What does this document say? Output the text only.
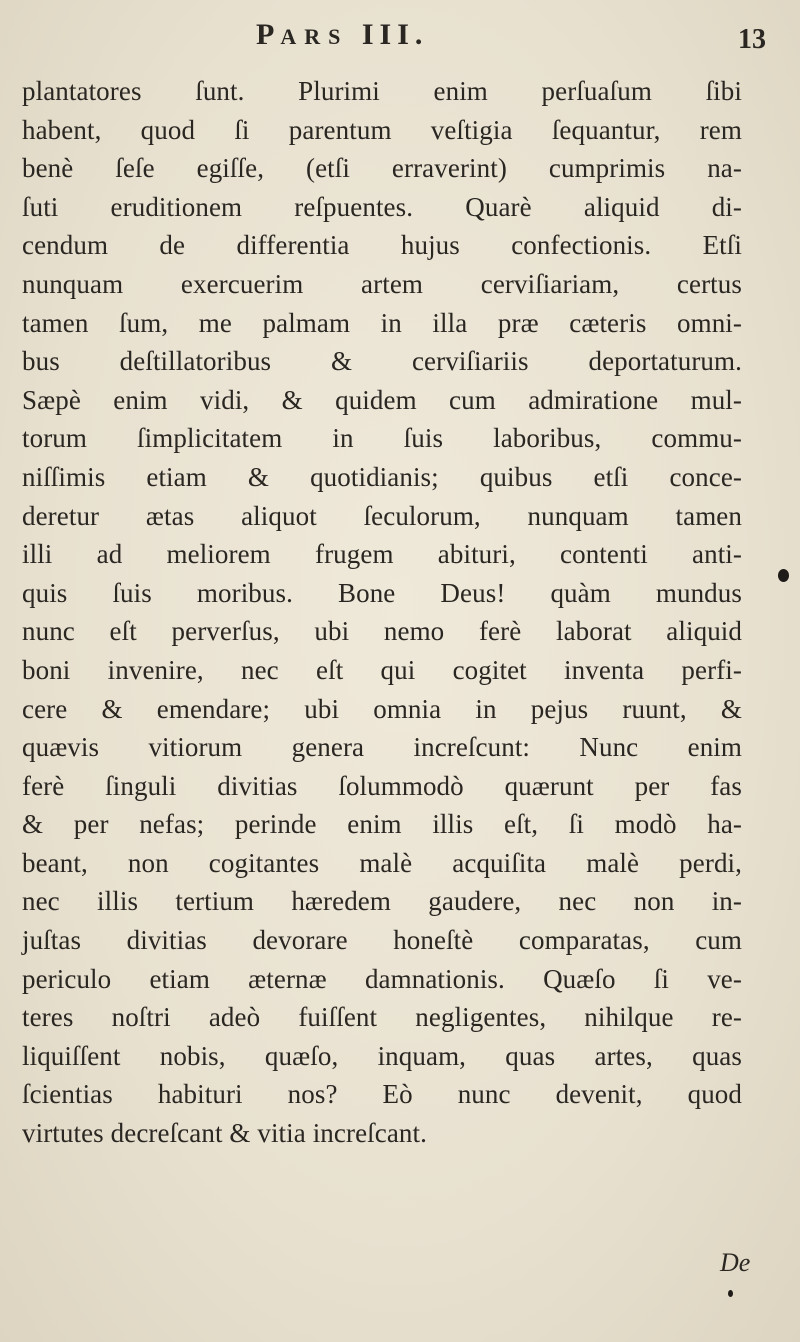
PARS III.	13
plantatores ſunt. Plurimi enim perſuaſum ſibi
habent, quod ſi parentum veſtigia ſequantur, rem
benè ſeſe egiſſe, (etſi erraverint) cumprimis na-
ſuti eruditionem reſpuentes. Quarè aliquid di-
cendum de differentia hujus confectionis. Etſi
nunquam exercuerim artem cerviſiariam, certus
tamen ſum, me palmam in illa præ cæteris omni-
bus deſtillatoribus & cerviſiariis deportaturum.
Sæpè enim vidi, & quidem cum admiratione mul-
torum ſimplicitatem in ſuis laboribus, commu-
niſſimis etiam & quotidianis; quibus etſi conce-
deretur ætas aliquot ſeculorum, nunquam tamen
illi ad meliorem frugem abituri, contenti anti-
quis ſuis moribus. Bone Deus! quàm mundus
nunc eſt perverſus, ubi nemo ferè laborat aliquid
boni invenire, nec eſt qui cogitet inventa perfi-
cere & emendare; ubi omnia in pejus ruunt, &
quævis vitiorum genera increſcunt: Nunc enim
ferè ſinguli divitias ſolummodò quærunt per fas
& per nefas; perinde enim illis eſt, ſi modò ha-
beant, non cogitantes malè acquiſita malè perdi,
nec illis tertium hæredem gaudere, nec non in-
juſtas divitias devorare honeſtè comparatas, cum
periculo etiam æternæ damnationis. Quæſo ſi ve-
teres noſtri adeò fuiſſent negligentes, nihilque re-
liquiſſent nobis, quæſo, inquam, quas artes, quas
ſcientias habituri nos? Eò nunc devenit, quod
virtutes decreſcant & vitia increſcant.
De
